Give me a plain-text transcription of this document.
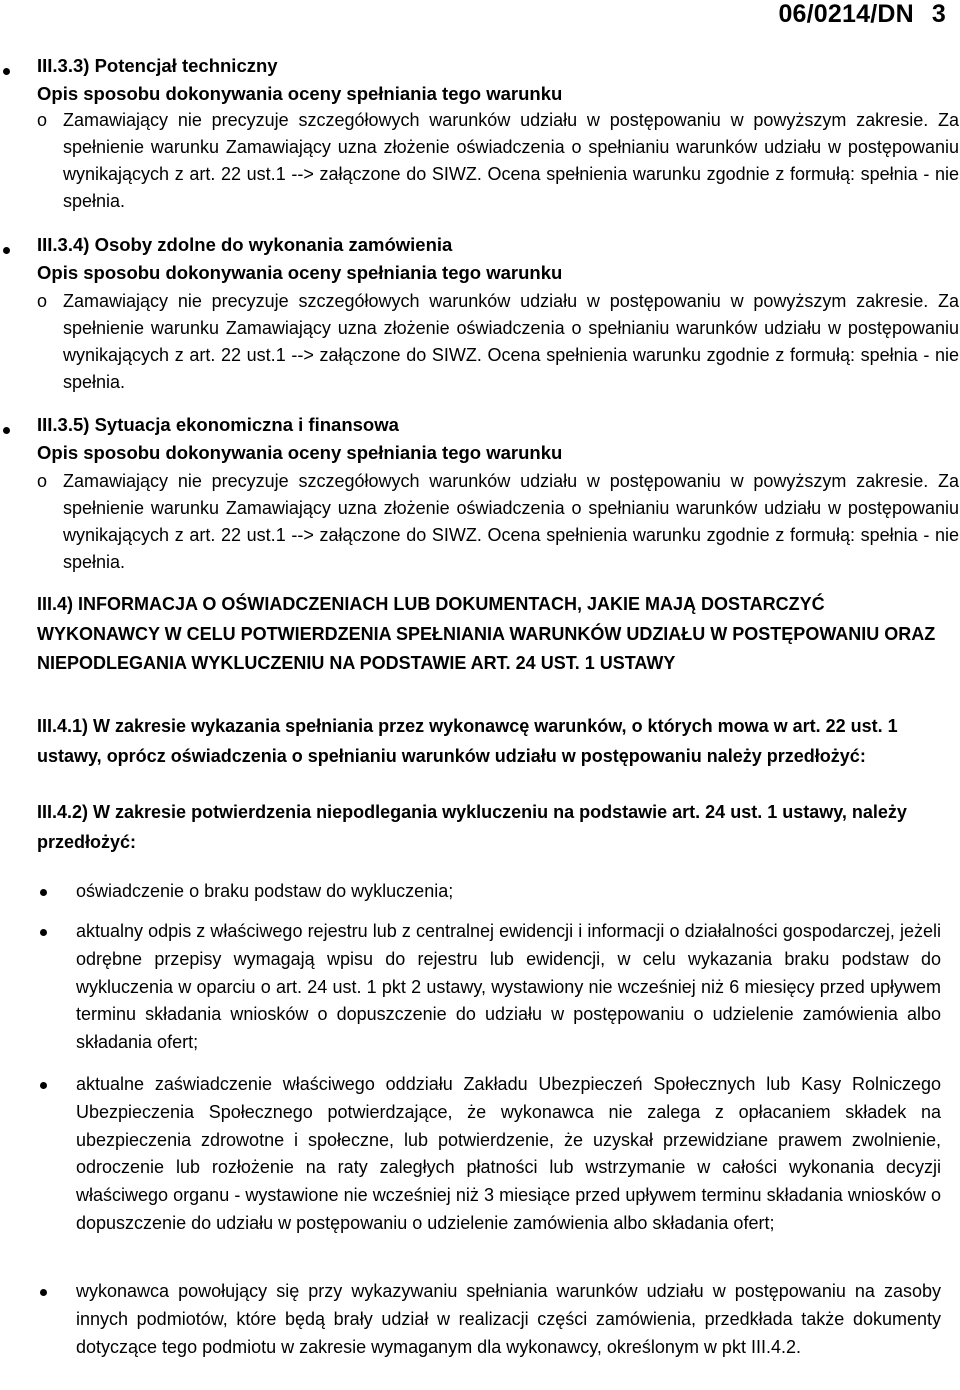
06/0214/DN 3
III.3.3) Potencjał techniczny
Opis sposobu dokonywania oceny spełniania tego warunku
o Zamawiający nie precyzuje szczegółowych warunków udziału w postępowaniu w powyższym zakresie. Za spełnienie warunku Zamawiający uzna złożenie oświadczenia o spełnianiu warunków udziału w postępowaniu wynikających z art. 22 ust.1 --> załączone do SIWZ. Ocena spełnienia warunku zgodnie z formułą: spełnia - nie spełnia.

III.3.4) Osoby zdolne do wykonania zamówienia
Opis sposobu dokonywania oceny spełniania tego warunku
o Zamawiający nie precyzuje szczegółowych warunków udziału w postępowaniu w powyższym zakresie. Za spełnienie warunku Zamawiający uzna złożenie oświadczenia o spełnianiu warunków udziału w postępowaniu wynikających z art. 22 ust.1 --> załączone do SIWZ. Ocena spełnienia warunku zgodnie z formułą: spełnia - nie spełnia.

III.3.5) Sytuacja ekonomiczna i finansowa
Opis sposobu dokonywania oceny spełniania tego warunku
o Zamawiający nie precyzuje szczegółowych warunków udziału w postępowaniu w powyższym zakresie. Za spełnienie warunku Zamawiający uzna złożenie oświadczenia o spełnianiu warunków udziału w postępowaniu wynikających z art. 22 ust.1 --> załączone do SIWZ. Ocena spełnienia warunku zgodnie z formułą: spełnia - nie spełnia.

III.4) INFORMACJA O OŚWIADCZENIACH LUB DOKUMENTACH, JAKIE MAJĄ DOSTARCZYĆ WYKONAWCY W CELU POTWIERDZENIA SPEŁNIANIA WARUNKÓW UDZIAŁU W POSTĘPOWANIU ORAZ NIEPODLEGANIA WYKLUCZENIU NA PODSTAWIE ART. 24 UST. 1 USTAWY

III.4.1) W zakresie wykazania spełniania przez wykonawcę warunków, o których mowa w art. 22 ust. 1 ustawy, oprócz oświadczenia o spełnianiu warunków udziału w postępowaniu należy przedłożyć:

III.4.2) W zakresie potwierdzenia niepodlegania wykluczeniu na podstawie art. 24 ust. 1 ustawy, należy przedłożyć:

oświadczenie o braku podstaw do wykluczenia;

aktualny odpis z właściwego rejestru lub z centralnej ewidencji i informacji o działalności gospodarczej, jeżeli odrębne przepisy wymagają wpisu do rejestru lub ewidencji, w celu wykazania braku podstaw do wykluczenia w oparciu o art. 24 ust. 1 pkt 2 ustawy, wystawiony nie wcześniej niż 6 miesięcy przed upływem terminu składania wniosków o dopuszczenie do udziału w postępowaniu o udzielenie zamówienia albo składania ofert;

aktualne zaświadczenie właściwego oddziału Zakładu Ubezpieczeń Społecznych lub Kasy Rolniczego Ubezpieczenia Społecznego potwierdzające, że wykonawca nie zalega z opłacaniem składek na ubezpieczenia zdrowotne i społeczne, lub potwierdzenie, że uzyskał przewidziane prawem zwolnienie, odroczenie lub rozłożenie na raty zaległych płatności lub wstrzymanie w całości wykonania decyzji właściwego organu - wystawione nie wcześniej niż 3 miesiące przed upływem terminu składania wniosków o dopuszczenie do udziału w postępowaniu o udzielenie zamówienia albo składania ofert;

wykonawca powołujący się przy wykazywaniu spełniania warunków udziału w postępowaniu na zasoby innych podmiotów, które będą brały udział w realizacji części zamówienia, przedkłada także dokumenty dotyczące tego podmiotu w zakresie wymaganym dla wykonawcy, określonym w pkt III.4.2.
